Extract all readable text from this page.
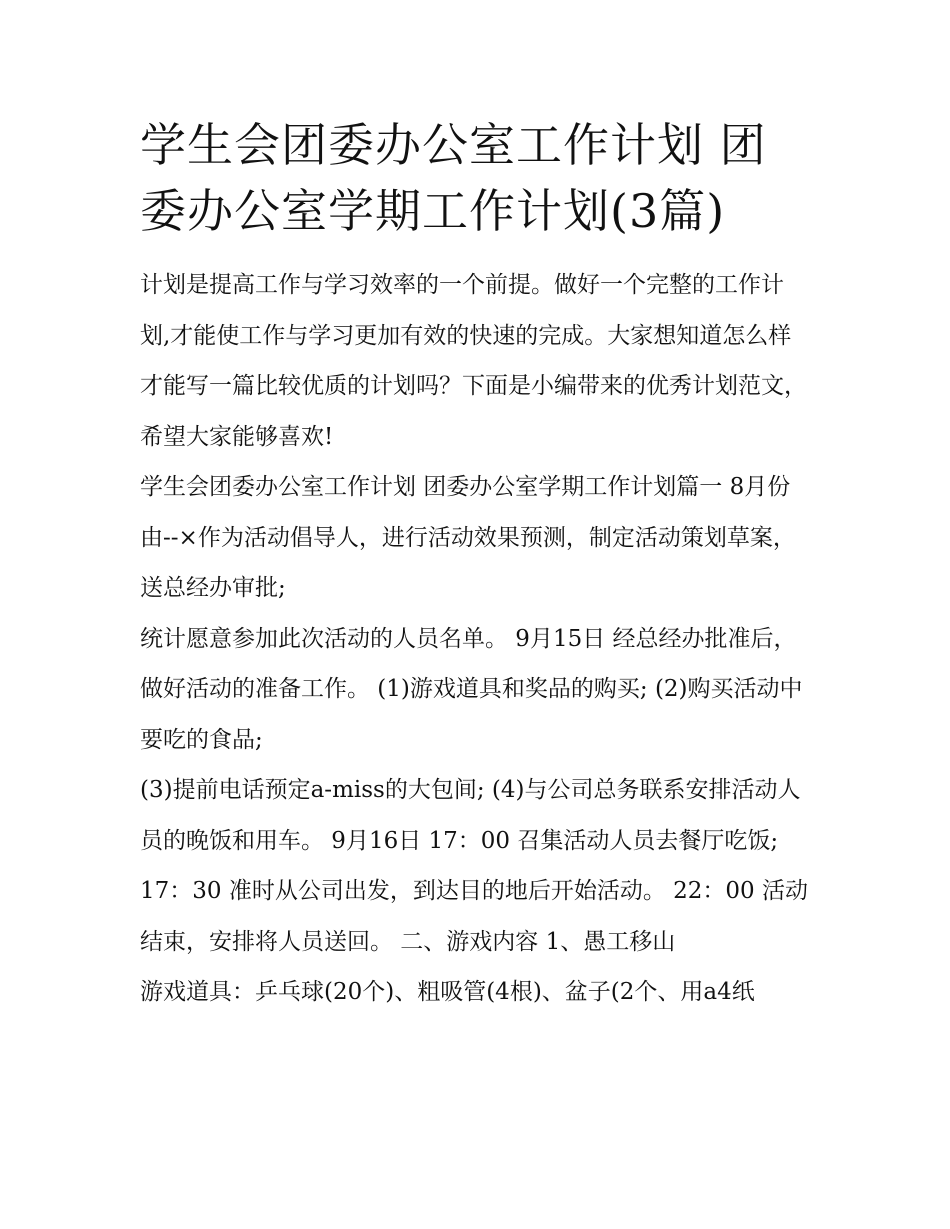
学生会团委办公室工作计划 团委办公室学期工作计划(3篇)

计划是提高工作与学习效率的一个前提。做好一个完整的工作计划,才能使工作与学习更加有效的快速的完成。大家想知道怎么样才能写一篇比较优质的计划吗？下面是小编带来的优秀计划范文，希望大家能够喜欢!

学生会团委办公室工作计划 团委办公室学期工作计划篇一 8月份 由--×作为活动倡导人，进行活动效果预测，制定活动策划草案，送总经办审批;

统计愿意参加此次活动的人员名单。 9月15日 经总经办批准后，做好活动的准备工作。 (1)游戏道具和奖品的购买; (2)购买活动中要吃的食品;

(3)提前电话预定a-miss的大包间; (4)与公司总务联系安排活动人员的晚饭和用车。 9月16日 17：00 召集活动人员去餐厅吃饭;

17：30 准时从公司出发，到达目的地后开始活动。 22：00 活动结束，安排将人员送回。 二、游戏内容 1、愚工移山

游戏道具：乒乓球(20个)、粗吸管(4根)、盆子(2个、用a4纸
